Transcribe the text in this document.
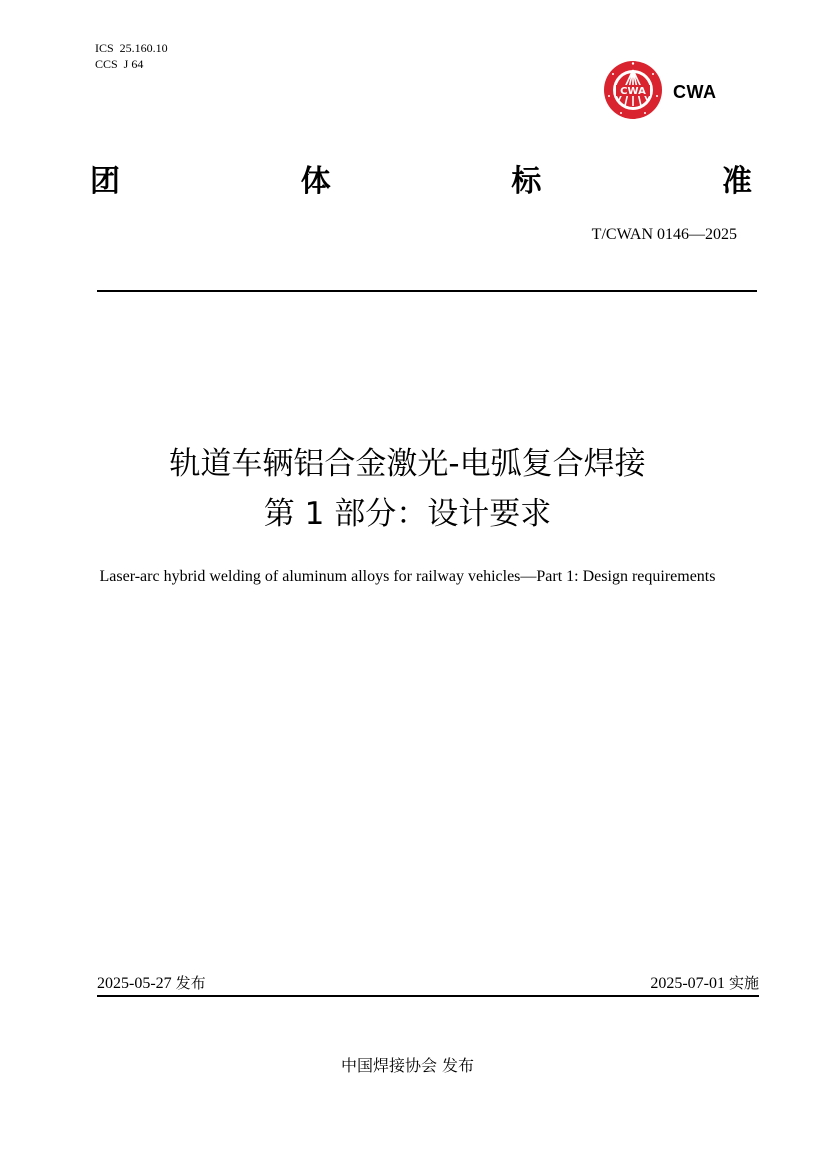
ICS  25.160.10
CCS  J 64
CWA CWA
团	体	标	准
T/CWAN 0146—2025
轨道车辆铝合金激光-电弧复合焊接
第 1 部分：设计要求
Laser-arc hybrid welding of aluminum alloys for railway vehicles—Part 1: Design requirements
2025-05-27 发布	2025-07-01 实施
中国焊接协会 发布
